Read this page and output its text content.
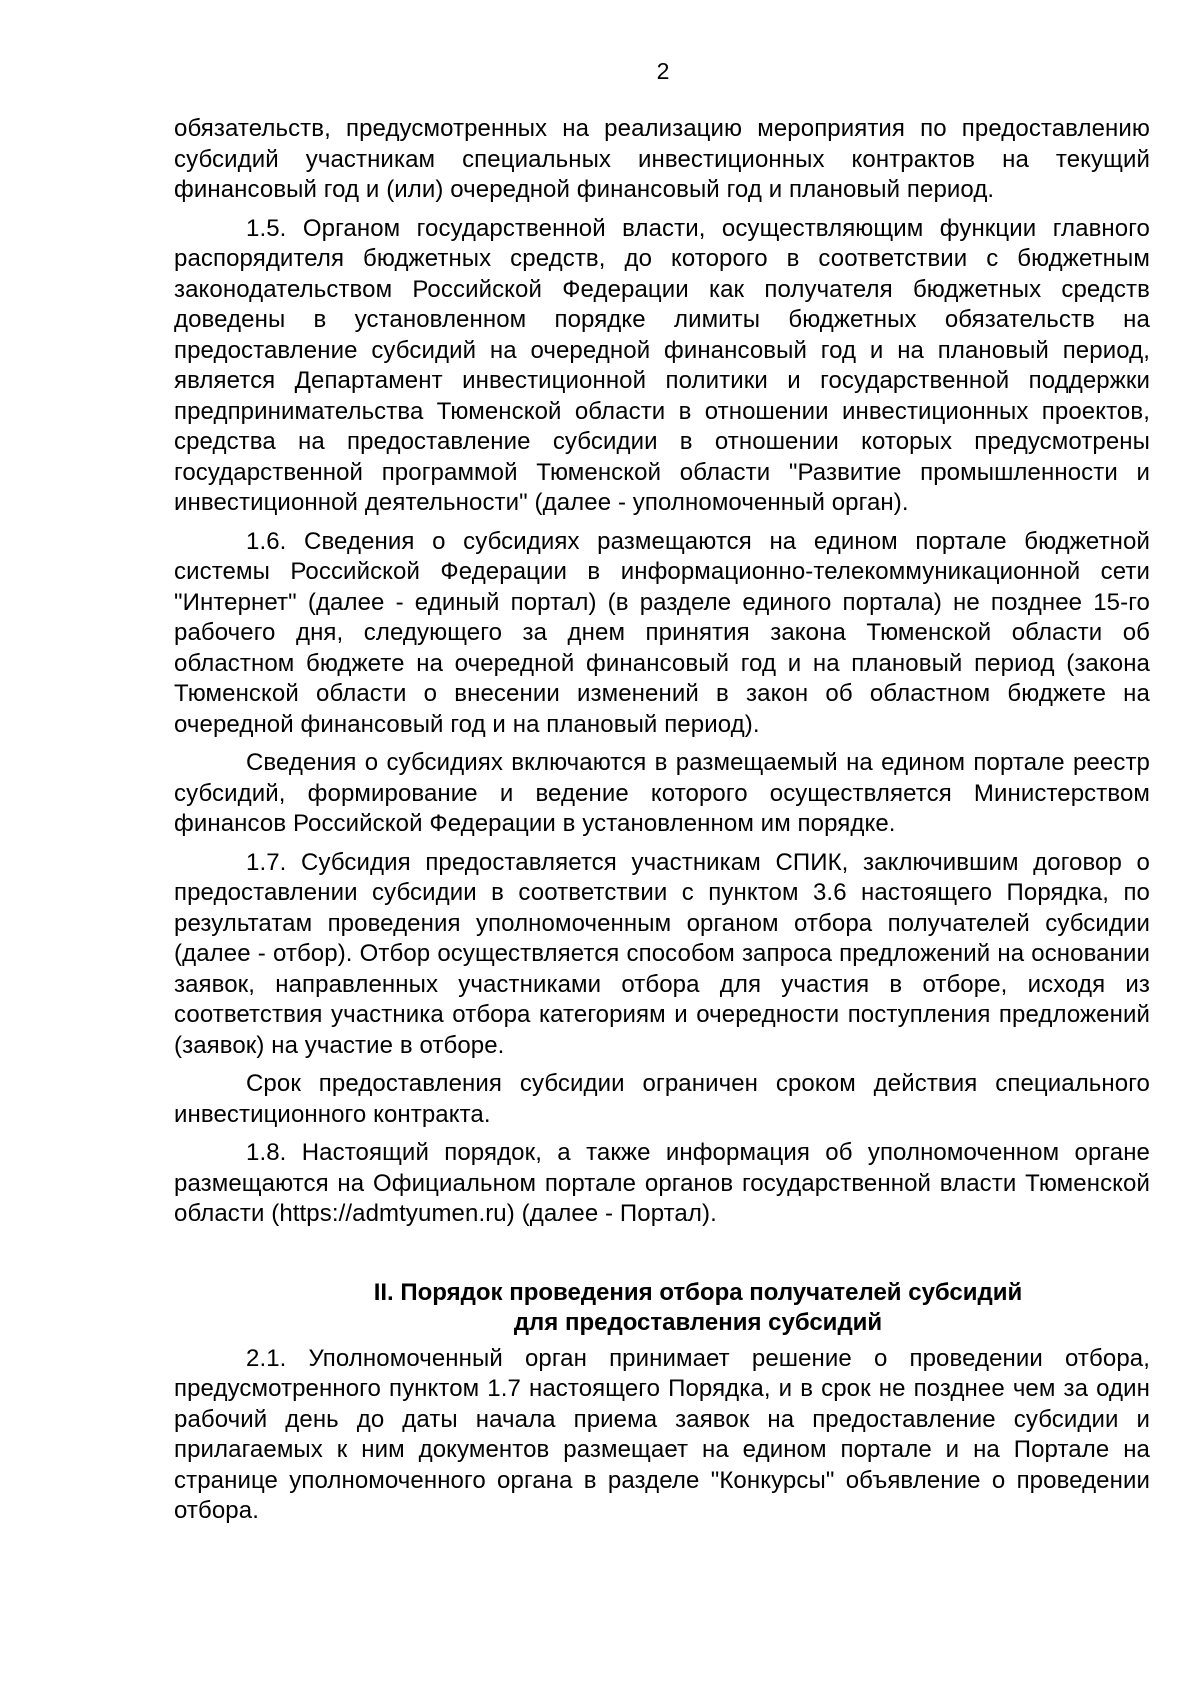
2

обязательств, предусмотренных на реализацию мероприятия по предоставлению субсидий участникам специальных инвестиционных контрактов на текущий финансовый год и (или) очередной финансовый год и плановый период.

1.5. Органом государственной власти, осуществляющим функции главного распорядителя бюджетных средств, до которого в соответствии с бюджетным законодательством Российской Федерации как получателя бюджетных средств доведены в установленном порядке лимиты бюджетных обязательств на предоставление субсидий на очередной финансовый год и на плановый период, является Департамент инвестиционной политики и государственной поддержки предпринимательства Тюменской области в отношении инвестиционных проектов, средства на предоставление субсидии в отношении которых предусмотрены государственной программой Тюменской области "Развитие промышленности и инвестиционной деятельности" (далее - уполномоченный орган).

1.6. Сведения о субсидиях размещаются на едином портале бюджетной системы Российской Федерации в информационно-телекоммуникационной сети "Интернет" (далее - единый портал) (в разделе единого портала) не позднее 15-го рабочего дня, следующего за днем принятия закона Тюменской области об областном бюджете на очередной финансовый год и на плановый период (закона Тюменской области о внесении изменений в закон об областном бюджете на очередной финансовый год и на плановый период).

Сведения о субсидиях включаются в размещаемый на едином портале реестр субсидий, формирование и ведение которого осуществляется Министерством финансов Российской Федерации в установленном им порядке.

1.7. Субсидия предоставляется участникам СПИК, заключившим договор о предоставлении субсидии в соответствии с пунктом 3.6 настоящего Порядка, по результатам проведения уполномоченным органом отбора получателей субсидии (далее - отбор). Отбор осуществляется способом запроса предложений на основании заявок, направленных участниками отбора для участия в отборе, исходя из соответствия участника отбора категориям и очередности поступления предложений (заявок) на участие в отборе.

Срок предоставления субсидии ограничен сроком действия специального инвестиционного контракта.

1.8. Настоящий порядок, а также информация об уполномоченном органе размещаются на Официальном портале органов государственной власти Тюменской области (https://admtyumen.ru) (далее - Портал).

II. Порядок проведения отбора получателей субсидий
для предоставления субсидий

2.1. Уполномоченный орган принимает решение о проведении отбора, предусмотренного пунктом 1.7 настоящего Порядка, и в срок не позднее чем за один рабочий день до даты начала приема заявок на предоставление субсидии и прилагаемых к ним документов размещает на едином портале и на Портале на странице уполномоченного органа в разделе "Конкурсы" объявление о проведении отбора.
